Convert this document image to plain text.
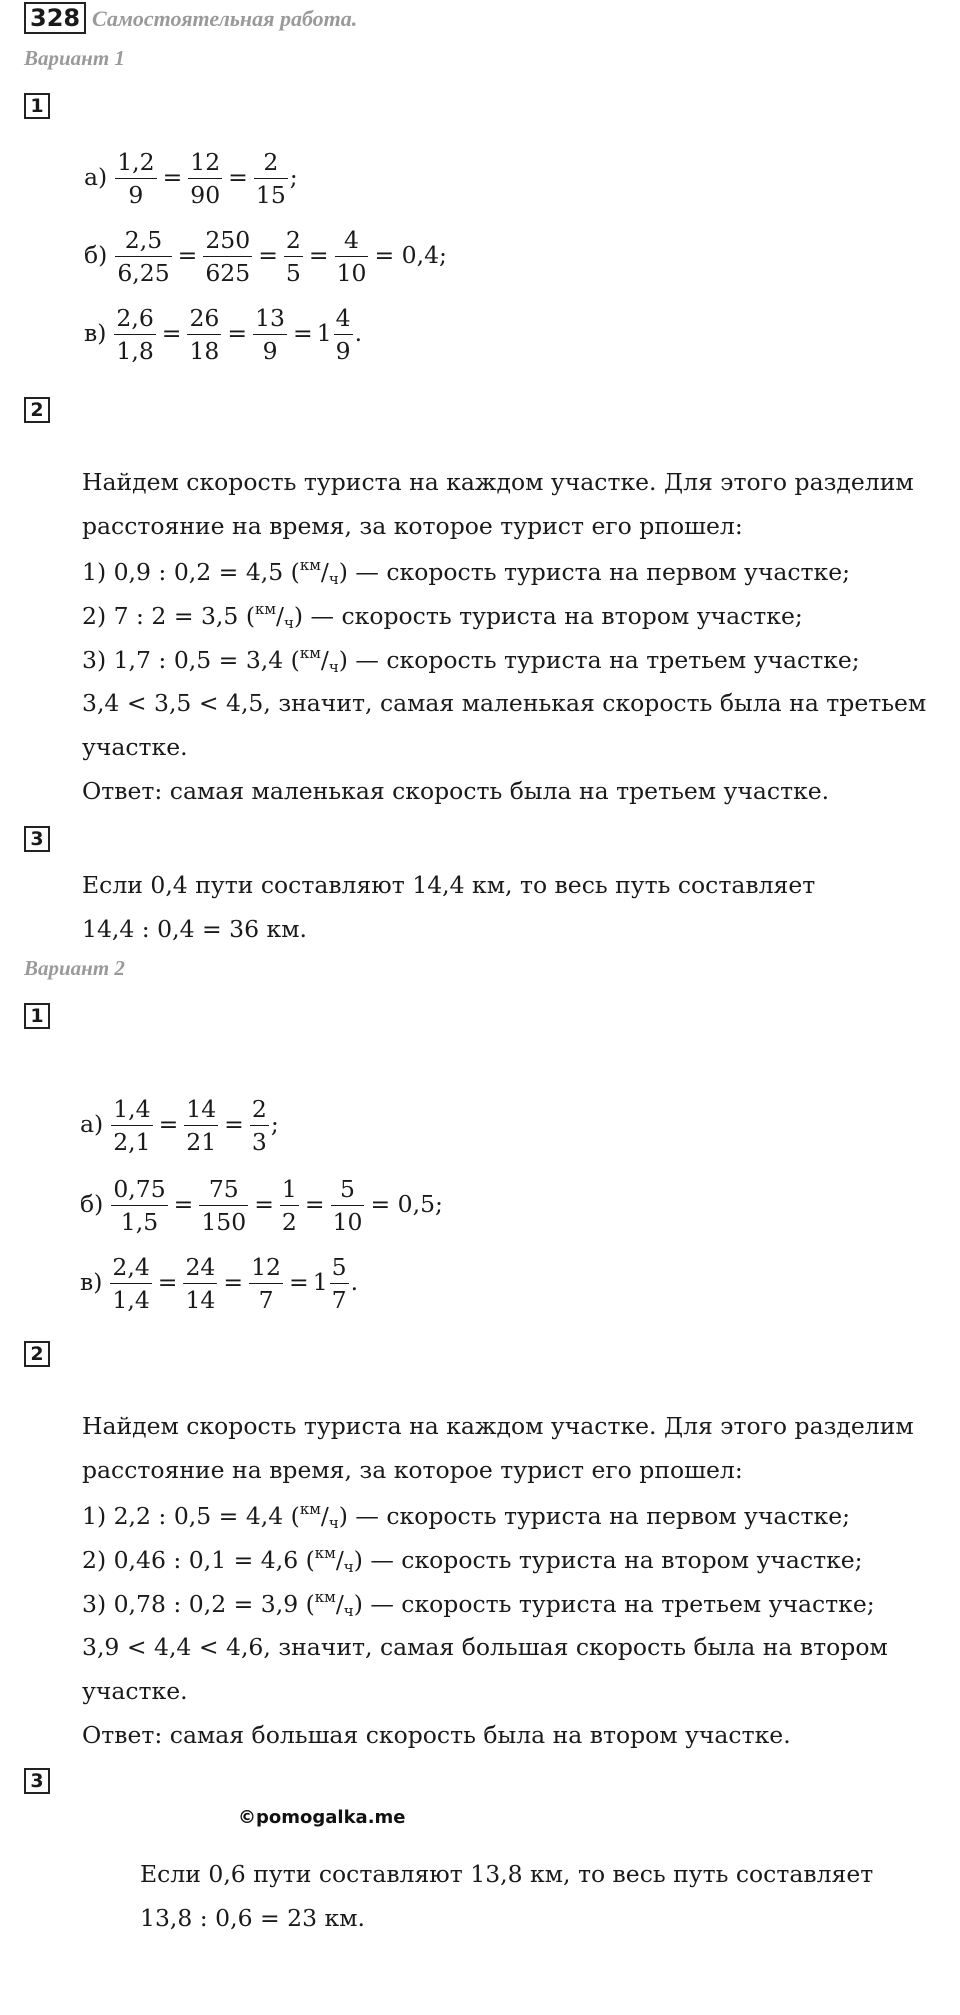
328 Самостоятельная работа.
Вариант 1
1
$а) \frac{1,2}{9} = \frac{12}{90} = \frac{2}{15}$ ;
$б) \frac{2,5}{6,25} = \frac{250}{625} = \frac{2}{5} = \frac{4}{10} = 0,4$;
$в) \frac{2,6}{1,8} = \frac{26}{18} = \frac{13}{9} = 1 \frac{4}{9}$ .
2
Найдем скорость туриста на каждом участке. Для этого разделим
расстояние на время, за которое турист его рпошел:
1) 0,9 : 0,2 = 4,5 $(^{км}/_ч)$ — скорость туриста на первом участке;
2) 7 : 2 = 3,5 $(^{км}/_ч)$ — скорость туриста на втором участке;
3) 1,7 : 0,5 = 3,4 $(^{км}/_ч)$ — скорость туриста на третьем участке;
3,4 < 3,5 < 4,5, значит, самая маленькая скорость была на третьем
участке.
Ответ: самая маленькая скорость была на третьем участке.
3
Если 0,4 пути составляют 14,4 км, то весь путь составляет
14,4 : 0,4 = 36 км.
Вариант 2
1
$а) \frac{1,4}{2,1} = \frac{14}{21} = \frac{2}{3}$ ;
$б) \frac{0,75}{1,5} = \frac{75}{150} = \frac{1}{2} = \frac{5}{10} = 0,5$;
$в) \frac{2,4}{1,4} = \frac{24}{14} = \frac{12}{7} = 1 \frac{5}{7}$ .
2
Найдем скорость туриста на каждом участке. Для этого разделим
расстояние на время, за которое турист его рпошел:
1) 2,2 : 0,5 = 4,4 $(^{км}/_ч)$ — скорость туриста на первом участке;
2) 0,46 : 0,1 = 4,6 $(^{км}/_ч)$ — скорость туриста на втором участке;
3) 0,78 : 0,2 = 3,9 $(^{км}/_ч)$ — скорость туриста на третьем участке;
3,9 < 4,4 < 4,6, значит, самая большая скорость была на втором
участке.
Ответ: самая большая скорость была на втором участке.
3
©pomogalka.me
Если 0,6 пути составляют 13,8 км, то весь путь составляет
13,8 : 0,6 = 23 км.
